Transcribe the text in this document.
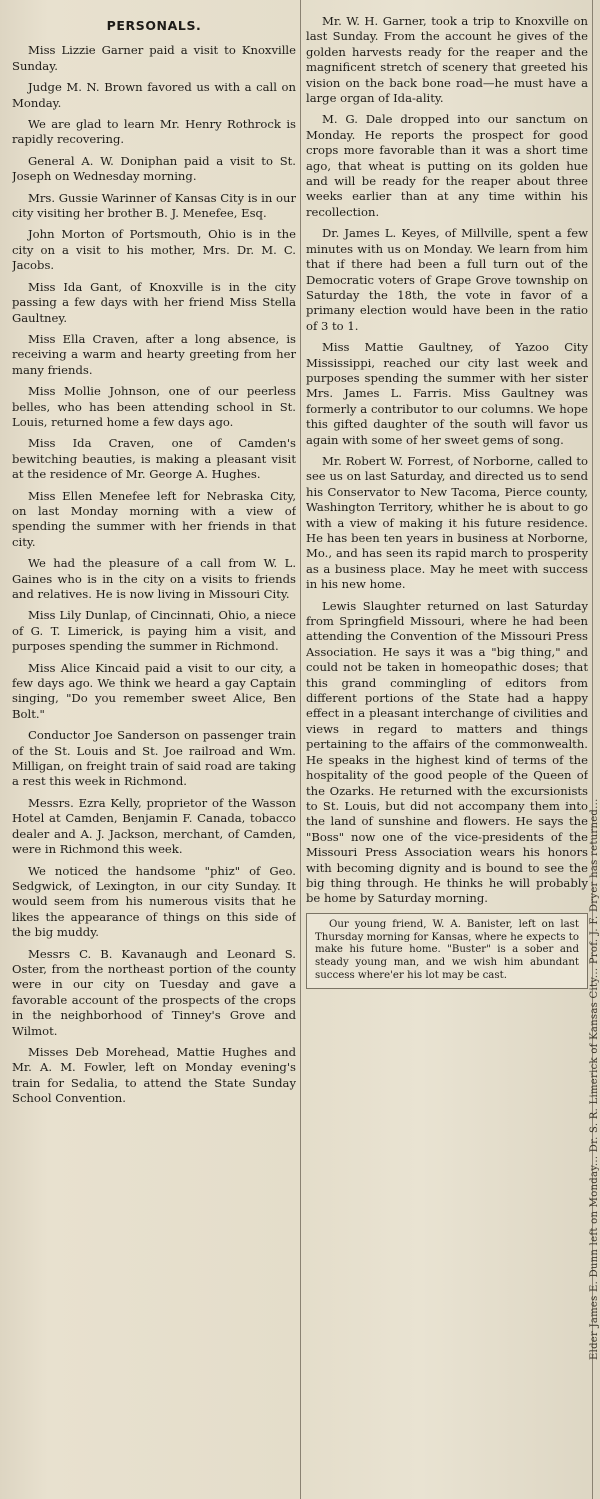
PERSONALS.

Miss Lizzie Garner paid a visit to Knoxville Sunday.

Judge M. N. Brown favored us with a call on Monday.

We are glad to learn Mr. Henry Rothrock is rapidly recovering.

General A. W. Doniphan paid a visit to St. Joseph on Wednesday morning.

Mrs. Gussie Warinner of Kansas City is in our city visiting her brother B. J. Menefee, Esq.

John Morton of Portsmouth, Ohio is in the city on a visit to his mother, Mrs. Dr. M. C. Jacobs.

Miss Ida Gant, of Knoxville is in the city passing a few days with her friend Miss Stella Gaultney.

Miss Ella Craven, after a long absence, is receiving a warm and hearty greeting from her many friends.

Miss Mollie Johnson, one of our peerless belles, who has been attending school in St. Louis, returned home a few days ago.

Miss Ida Craven, one of Camden's bewitching beauties, is making a pleasant visit at the residence of Mr. George A. Hughes.

Miss Ellen Menefee left for Nebraska City, on last Monday morning with a view of spending the summer with her friends in that city.

We had the pleasure of a call from W. L. Gaines who is in the city on a visits to friends and relatives. He is now living in Missouri City.

Miss Lily Dunlap, of Cincinnati, Ohio, a niece of G. T. Limerick, is paying him a visit, and purposes spending the summer in Richmond.

Miss Alice Kincaid paid a visit to our city, a few days ago. We think we heard a gay Captain singing, "Do you remember sweet Alice, Ben Bolt."

Conductor Joe Sanderson on passenger train of the St. Louis and St. Joe railroad and Wm. Milligan, on freight train of said road are taking a rest this week in Richmond.

Messrs. Ezra Kelly, proprietor of the Wasson Hotel at Camden, Benjamin F. Canada, tobacco dealer and A. J. Jackson, merchant, of Camden, were in Richmond this week.

We noticed the handsome "phiz" of Geo. Sedgwick, of Lexington, in our city Sunday. It would seem from his numerous visits that he likes the appearance of things on this side of the big muddy.

Messrs C. B. Kavanaugh and Leonard S. Oster, from the northeast portion of the county were in our city on Tuesday and gave a favorable account of the prospects of the crops in the neighborhood of Tinney's Grove and Wilmot.

Misses Deb Morehead, Mattie Hughes and Mr. A. M. Fowler, left on Monday evening's train for Sedalia, to attend the State Sunday School Convention.

Mr. W. H. Garner, took a trip to Knoxville on last Sunday. From the account he gives of the golden harvests ready for the reaper and the magnificent stretch of scenery that greeted his vision on the back bone road—he must have a large organ of Ida-ality.

M. G. Dale dropped into our sanctum on Monday. He reports the prospect for good crops more favorable than it was a short time ago, that wheat is putting on its golden hue and will be ready for the reaper about three weeks earlier than at any time within his recollection.

Dr. James L. Keyes, of Millville, spent a few minutes with us on Monday. We learn from him that if there had been a full turn out of the Democratic voters of Grape Grove township on Saturday the 18th, the vote in favor of a primany election would have been in the ratio of 3 to 1.

Miss Mattie Gaultney, of Yazoo City Mississippi, reached our city last week and purposes spending the summer with her sister Mrs. James L. Farris. Miss Gaultney was formerly a contributor to our columns. We hope this gifted daughter of the south will favor us again with some of her sweet gems of song.

Mr. Robert W. Forrest, of Norborne, called to see us on last Saturday, and directed us to send his Conservator to New Tacoma, Pierce county, Washington Territory, whither he is about to go with a view of making it his future residence. He has been ten years in business at Norborne, Mo., and has seen its rapid march to prosperity as a business place. May he meet with success in his new home.

Lewis Slaughter returned on last Saturday from Springfield Missouri, where he had been attending the Convention of the Missouri Press Association. He says it was a "big thing," and could not be taken in homeopathic doses; that this grand commingling of editors from different portions of the State had a happy effect in a pleasant interchange of civilities and views in regard to matters and things pertaining to the affairs of the commonwealth. He speaks in the highest kind of terms of the hospitality of the good people of the Queen of the Ozarks. He returned with the excursionists to St. Louis, but did not accompany them into the land of sunshine and flowers. He says the "Boss" now one of the vice-presidents of the Missouri Press Association wears his honors with becoming dignity and is bound to see the big thing through. He thinks he will probably be home by Saturday morning.

Our young friend, W. A. Banister, left on last Thursday morning for Kansas, where he expects to make his future home. "Buster" is a sober and steady young man, and we wish him abundant success where'er his lot may be cast.	Elder James E. Dunn left on Monday... Dr. S. R. Limerick of Kansas City... Prof. J. F. Dryer has returned...
